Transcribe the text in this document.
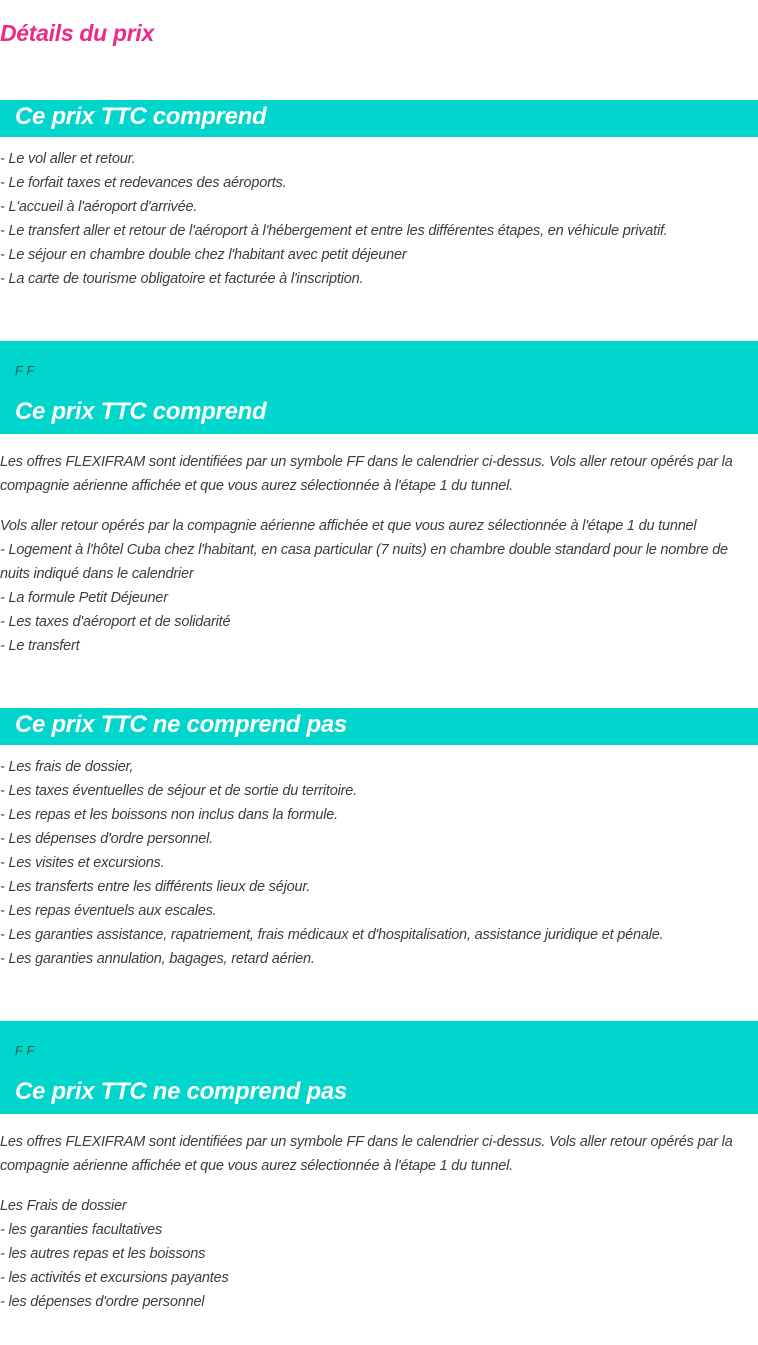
Détails du prix
Ce prix TTC comprend
- Le vol aller et retour.
- Le forfait taxes et redevances des aéroports.
- L'accueil à l'aéroport d'arrivée.
- Le transfert aller et retour de l'aéroport à l'hébergement et entre les différentes étapes, en véhicule privatif.
- Le séjour en chambre double chez l'habitant avec petit déjeuner
- La carte de tourisme obligatoire et facturée à l'inscription.
F F
Ce prix TTC comprend

Les offres FLEXIFRAM sont identifiées par un symbole FF dans le calendrier ci-dessus. Vols aller retour opérés par la compagnie aérienne affichée et que vous aurez sélectionnée à l'étape 1 du tunnel.

Vols aller retour opérés par la compagnie aérienne affichée et que vous aurez sélectionnée à l'étape 1 du tunnel
- Logement à l'hôtel Cuba chez l'habitant, en casa particular (7 nuits) en chambre double standard pour le nombre de nuits indiqué dans le calendrier
- La formule Petit Déjeuner
- Les taxes d'aéroport et de solidarité
- Le transfert
Ce prix TTC ne comprend pas
- Les frais de dossier,
- Les taxes éventuelles de séjour et de sortie du territoire.
- Les repas et les boissons non inclus dans la formule.
- Les dépenses d'ordre personnel.
- Les visites et excursions.
- Les transferts entre les différents lieux de séjour.
- Les repas éventuels aux escales.
- Les garanties assistance, rapatriement, frais médicaux et d'hospitalisation, assistance juridique et pénale.
- Les garanties annulation, bagages, retard aérien.
F F
Ce prix TTC ne comprend pas

Les offres FLEXIFRAM sont identifiées par un symbole FF dans le calendrier ci-dessus. Vols aller retour opérés par la compagnie aérienne affichée et que vous aurez sélectionnée à l'étape 1 du tunnel.

Les Frais de dossier
- les garanties facultatives
- les autres repas et les boissons
- les activités et excursions payantes
- les dépenses d'ordre personnel
